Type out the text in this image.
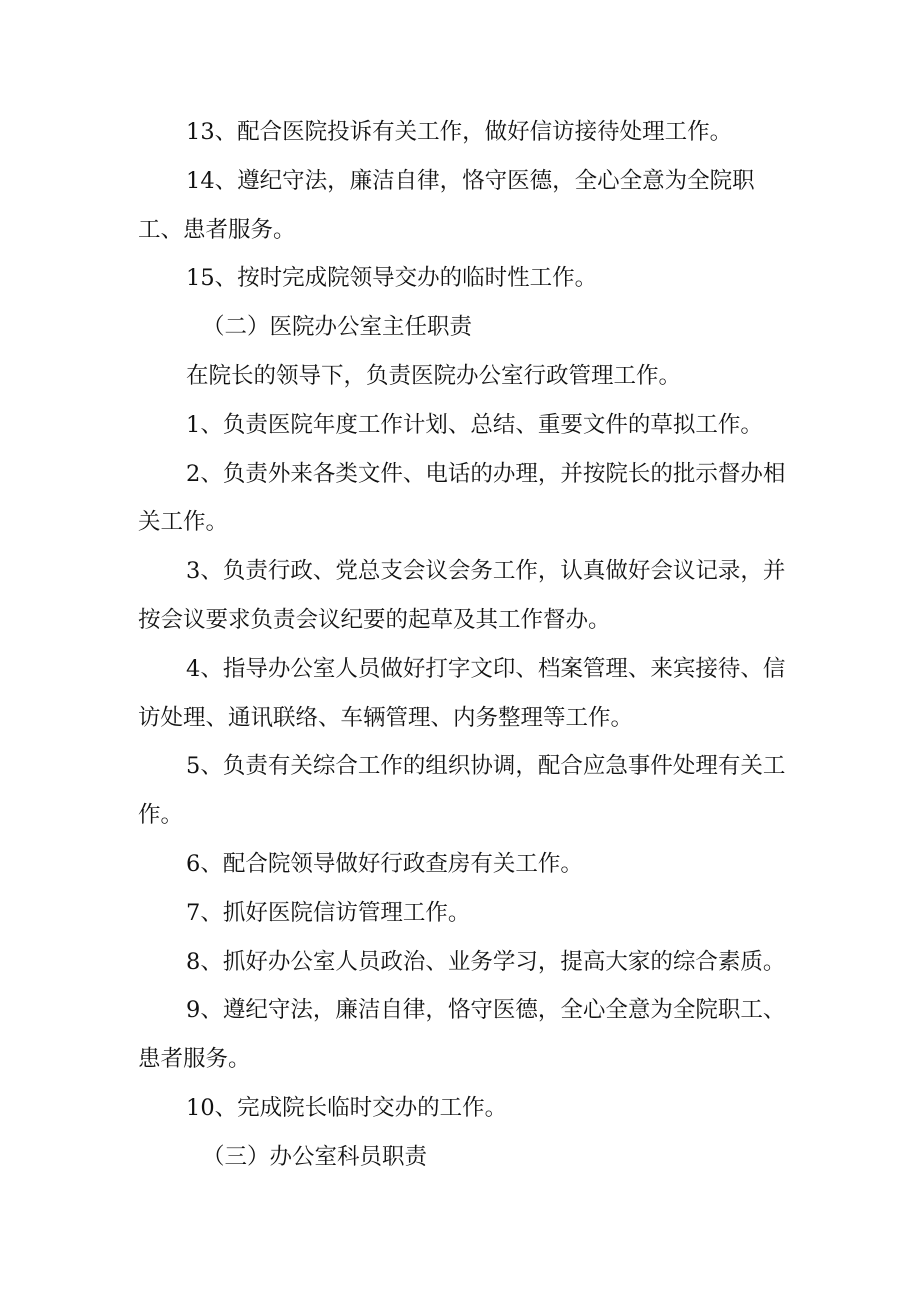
13、配合医院投诉有关工作，做好信访接待处理工作。

14、遵纪守法，廉洁自律，恪守医德，全心全意为全院职工、患者服务。

15、按时完成院领导交办的临时性工作。

（二）医院办公室主任职责

在院长的领导下，负责医院办公室行政管理工作。

1、负责医院年度工作计划、总结、重要文件的草拟工作。

2、负责外来各类文件、电话的办理，并按院长的批示督办相关工作。

3、负责行政、党总支会议会务工作，认真做好会议记录，并按会议要求负责会议纪要的起草及其工作督办。

4、指导办公室人员做好打字文印、档案管理、来宾接待、信访处理、通讯联络、车辆管理、内务整理等工作。

5、负责有关综合工作的组织协调，配合应急事件处理有关工作。

6、配合院领导做好行政查房有关工作。

7、抓好医院信访管理工作。

8、抓好办公室人员政治、业务学习，提高大家的综合素质。

9、遵纪守法，廉洁自律，恪守医德，全心全意为全院职工、患者服务。

10、完成院长临时交办的工作。

（三）办公室科员职责
